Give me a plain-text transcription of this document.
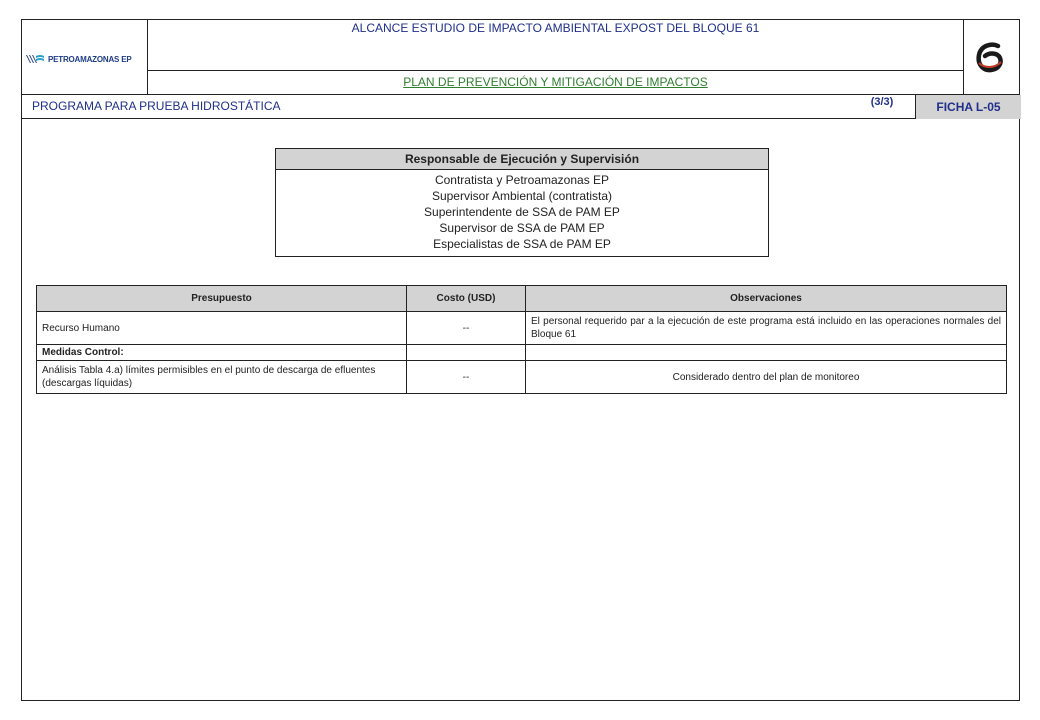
PETROAMAZONAS EP
ALCANCE ESTUDIO DE IMPACTO AMBIENTAL EXPOST DEL BLOQUE 61
PLAN DE PREVENCIÓN Y MITIGACIÓN DE IMPACTOS
PROGRAMA PARA PRUEBA HIDROSTÁTICA	(3/3)	FICHA L-05
Responsable de Ejecución y Supervisión
Contratista y Petroamazonas EP
Supervisor Ambiental (contratista)
Superintendente de SSA de PAM EP
Supervisor de SSA de PAM EP
Especialistas de SSA de PAM EP
Presupuesto	Costo (USD)	Observaciones
Recurso Humano	--	El personal requerido par a la ejecución de este programa está incluido en las operaciones normales del Bloque 61
Medidas Control:		
Análisis Tabla 4.a) límites permisibles en el punto de descarga de efluentes (descargas líquidas)	--	Considerado dentro del plan de monitoreo
